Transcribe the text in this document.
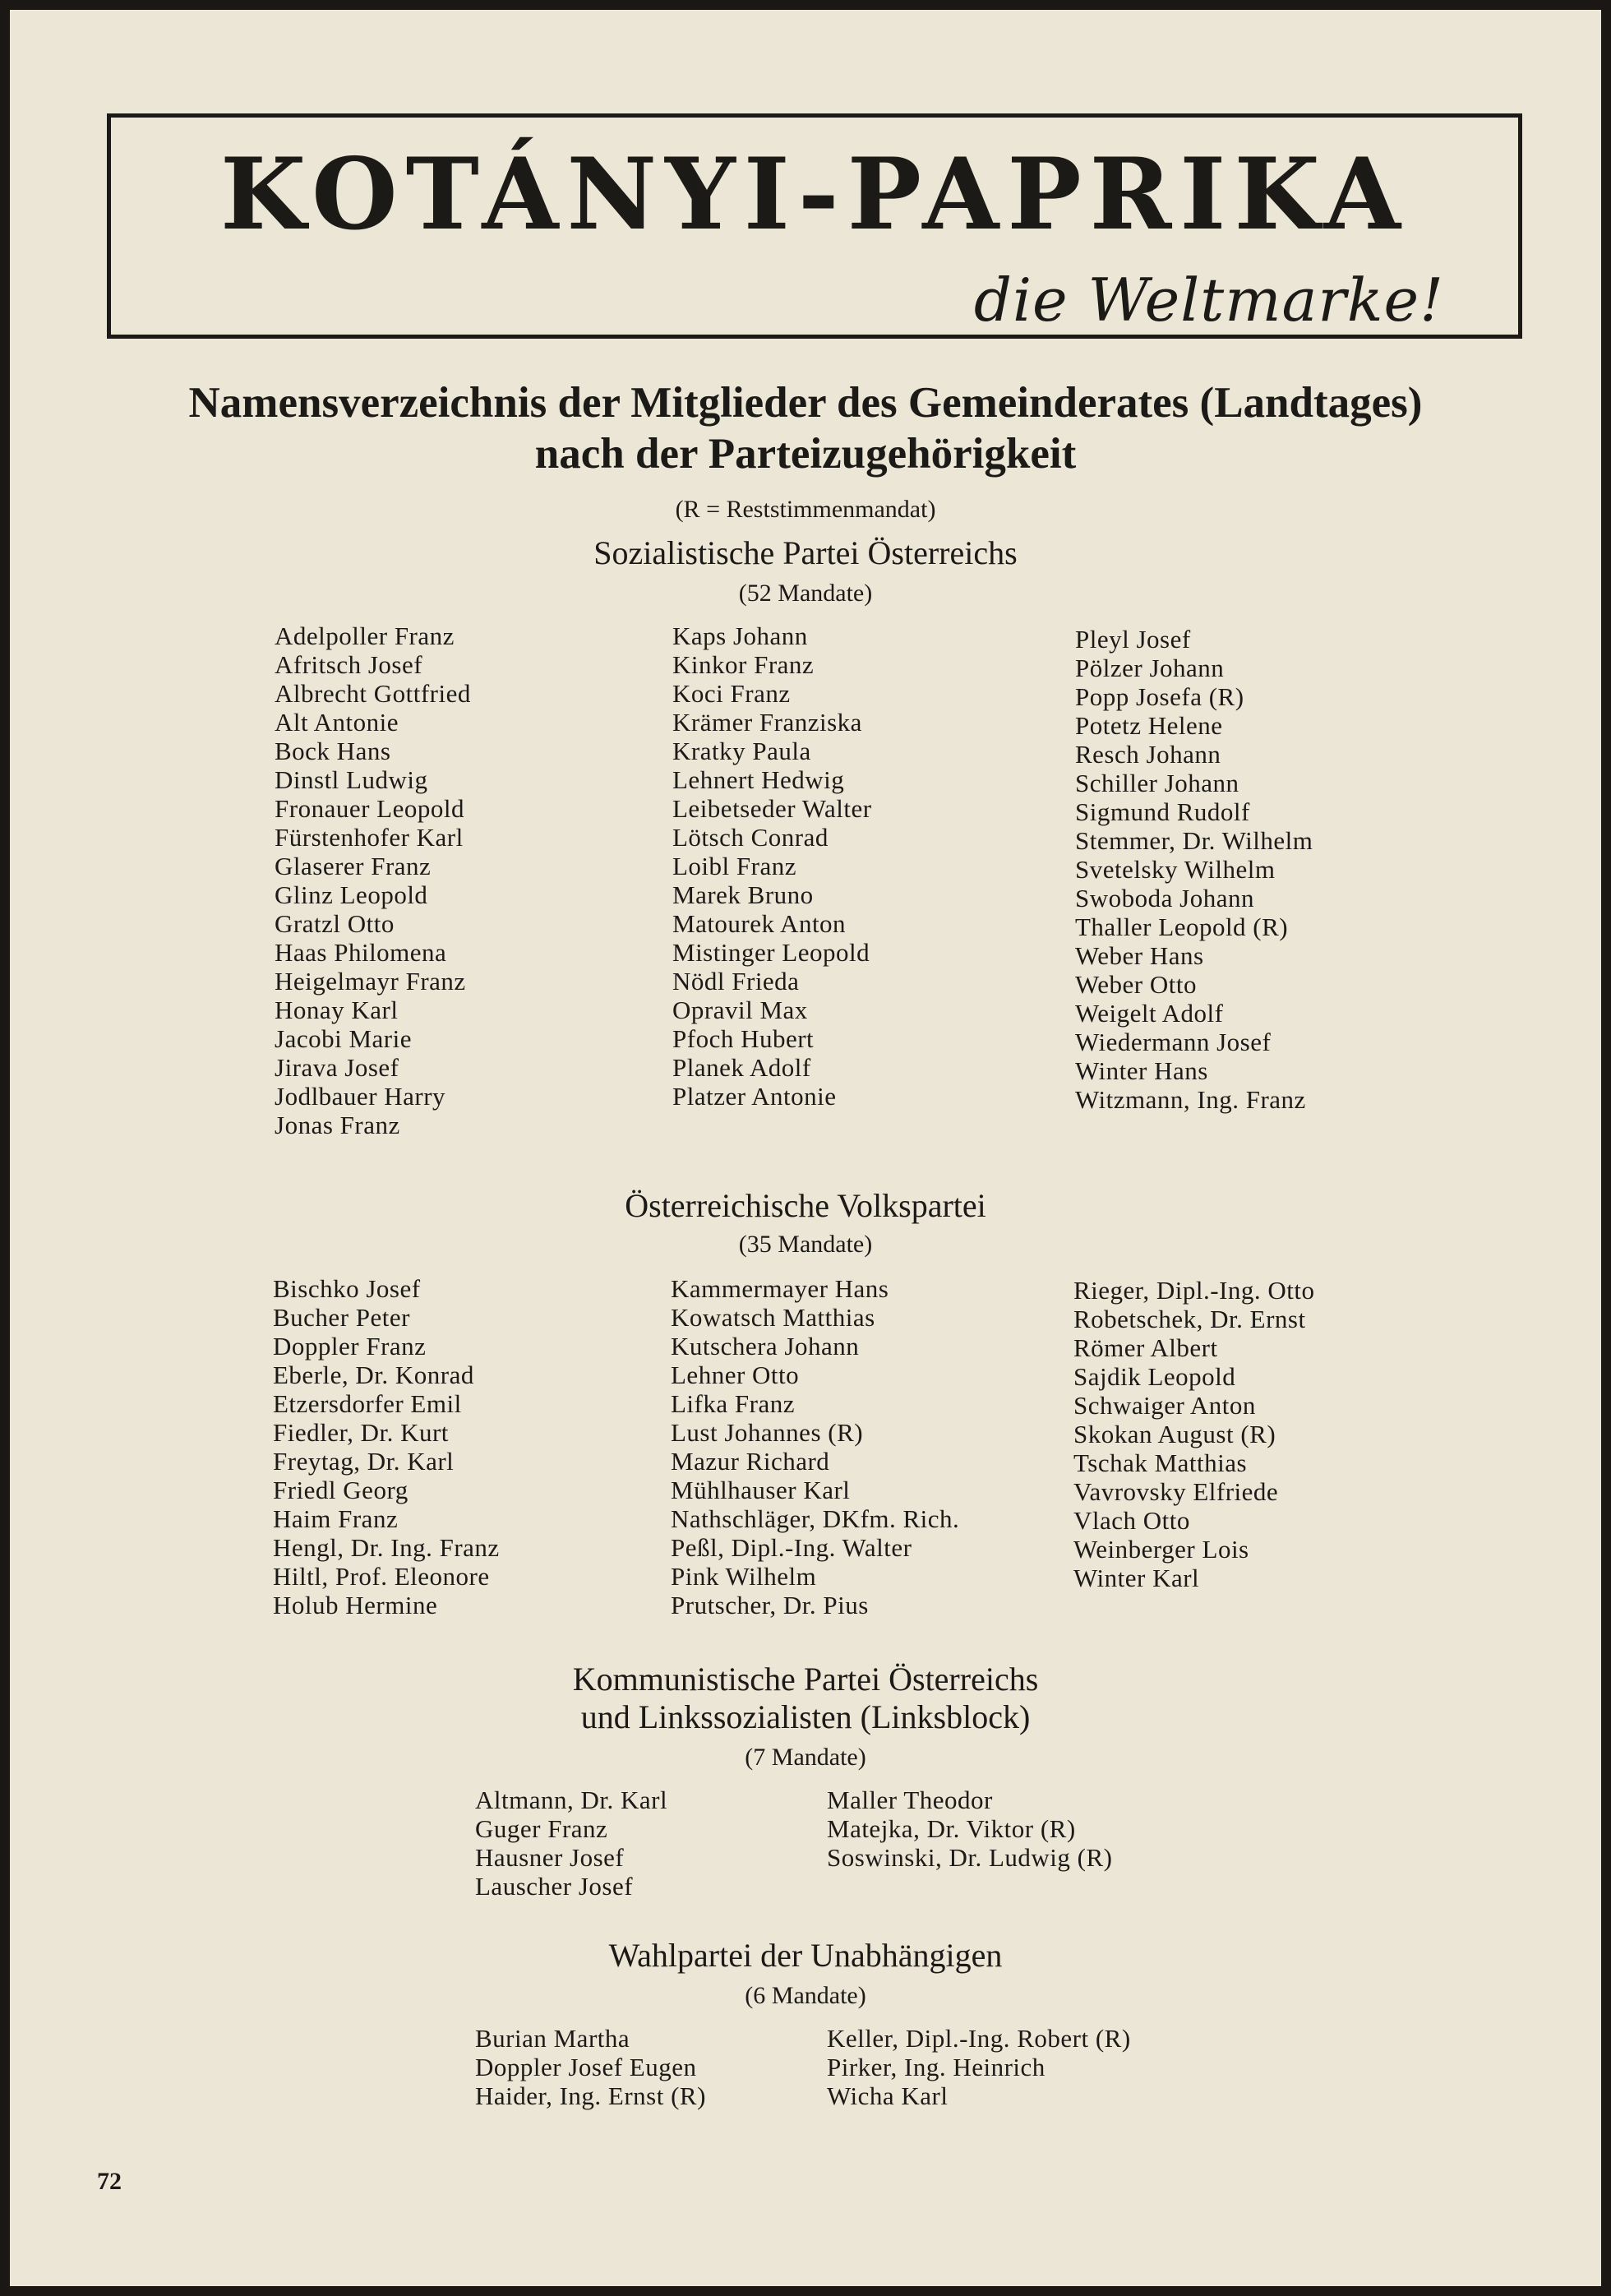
KOTÁNYI-PAPRIKA
die Weltmarke!
Namensverzeichnis der Mitglieder des Gemeinderates (Landtages)
nach der Parteizugehörigkeit
(R = Reststimmenmandat)
Sozialistische Partei Österreichs
(52 Mandate)
Adelpoller Franz
Afritsch Josef
Albrecht Gottfried
Alt Antonie
Bock Hans
Dinstl Ludwig
Fronauer Leopold
Fürstenhofer Karl
Glaserer Franz
Glinz Leopold
Gratzl Otto
Haas Philomena
Heigelmayr Franz
Honay Karl
Jacobi Marie
Jirava Josef
Jodlbauer Harry
Jonas Franz
Kaps Johann
Kinkor Franz
Koci Franz
Krämer Franziska
Kratky Paula
Lehnert Hedwig
Leibetseder Walter
Lötsch Conrad
Loibl Franz
Marek Bruno
Matourek Anton
Mistinger Leopold
Nödl Frieda
Opravil Max
Pfoch Hubert
Planek Adolf
Platzer Antonie
Pleyl Josef
Pölzer Johann
Popp Josefa (R)
Potetz Helene
Resch Johann
Schiller Johann
Sigmund Rudolf
Stemmer, Dr. Wilhelm
Svetelsky Wilhelm
Swoboda Johann
Thaller Leopold (R)
Weber Hans
Weber Otto
Weigelt Adolf
Wiedermann Josef
Winter Hans
Witzmann, Ing. Franz
Österreichische Volkspartei
(35 Mandate)
Bischko Josef
Bucher Peter
Doppler Franz
Eberle, Dr. Konrad
Etzersdorfer Emil
Fiedler, Dr. Kurt
Freytag, Dr. Karl
Friedl Georg
Haim Franz
Hengl, Dr. Ing. Franz
Hiltl, Prof. Eleonore
Holub Hermine
Kammermayer Hans
Kowatsch Matthias
Kutschera Johann
Lehner Otto
Lifka Franz
Lust Johannes (R)
Mazur Richard
Mühlhauser Karl
Nathschläger, DKfm. Rich.
Peßl, Dipl.-Ing. Walter
Pink Wilhelm
Prutscher, Dr. Pius
Rieger, Dipl.-Ing. Otto
Robetschek, Dr. Ernst
Römer Albert
Sajdik Leopold
Schwaiger Anton
Skokan August (R)
Tschak Matthias
Vavrovsky Elfriede
Vlach Otto
Weinberger Lois
Winter Karl
Kommunistische Partei Österreichs
und Linkssozialisten (Linksblock)
(7 Mandate)
Altmann, Dr. Karl
Guger Franz
Hausner Josef
Lauscher Josef
Maller Theodor
Matejka, Dr. Viktor (R)
Soswinski, Dr. Ludwig (R)
Wahlpartei der Unabhängigen
(6 Mandate)
Burian Martha
Doppler Josef Eugen
Haider, Ing. Ernst (R)
Keller, Dipl.-Ing. Robert (R)
Pirker, Ing. Heinrich
Wicha Karl
72
